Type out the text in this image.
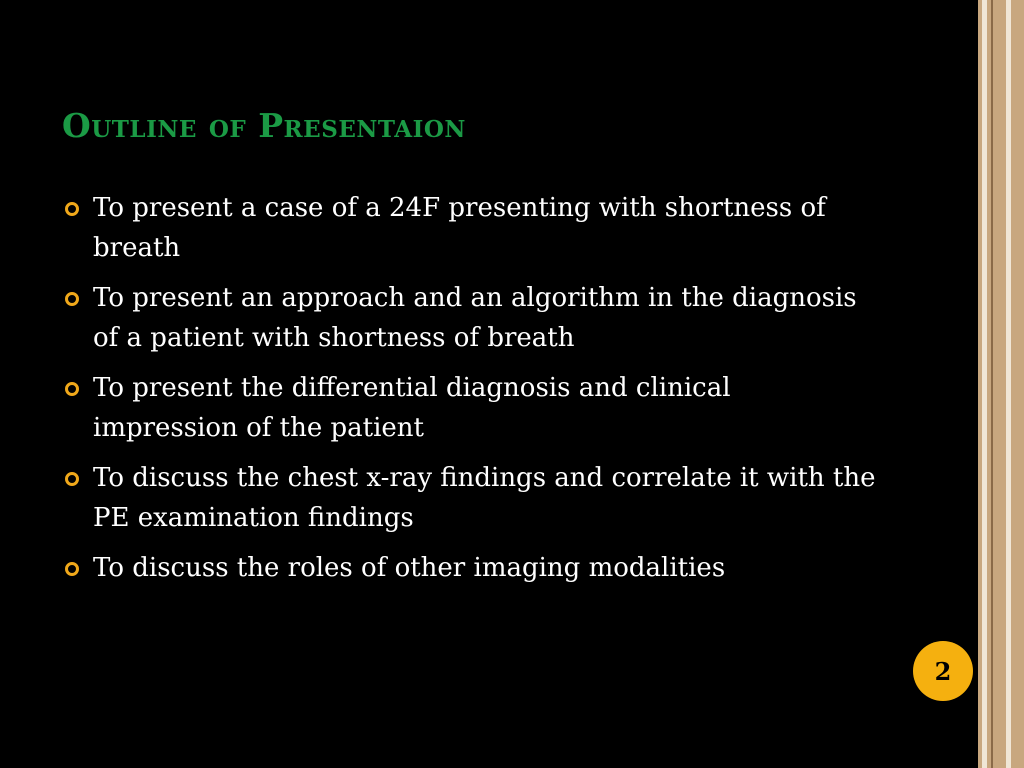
Outline of Presentaion
To present a case of a 24F presenting with shortness of breath
To present an approach and an algorithm in the diagnosis of a patient with shortness of breath
To present the differential diagnosis and clinical impression of the patient
To discuss the chest x-ray findings and correlate it with the PE examination findings
To discuss the roles of other imaging modalities
2
